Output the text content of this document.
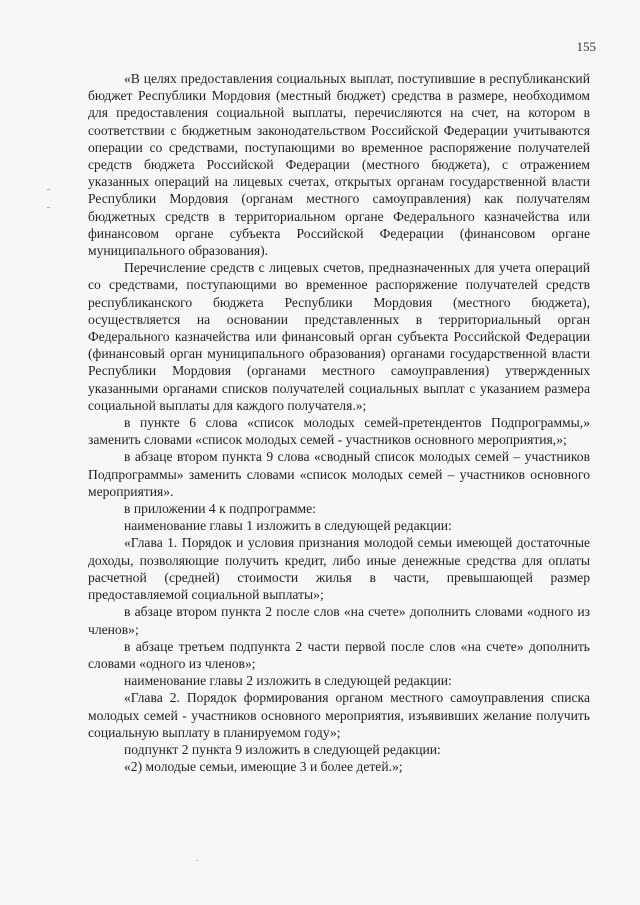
155

«В целях предоставления социальных выплат, поступившие в республиканский бюджет Республики Мордовия (местный бюджет) средства в размере, необходимом для предоставления социальной выплаты, перечисляются на счет, на котором в соответствии с бюджетным законодательством Российской Федерации учитываются операции со средствами, поступающими во временное распоряжение получателей средств бюджета Российской Федерации (местного бюджета), с отражением указанных операций на лицевых счетах, открытых органам государственной власти Республики Мордовия (органам местного самоуправления) как получателям бюджетных средств в территориальном органе Федерального казначейства или финансовом органе субъекта Российской Федерации (финансовом органе муниципального образования).

Перечисление средств с лицевых счетов, предназначенных для учета операций со средствами, поступающими во временное распоряжение получателей средств республиканского бюджета Республики Мордовия (местного бюджета), осуществляется на основании представленных в территориальный орган Федерального казначейства или финансовый орган субъекта Российской Федерации (финансовый орган муниципального образования) органами государственной власти Республики Мордовия (органами местного самоуправления) утвержденных указанными органами списков получателей социальных выплат с указанием размера социальной выплаты для каждого получателя.»;

в пункте 6 слова «список молодых семей-претендентов Подпрограммы,» заменить словами «список молодых семей - участников основного мероприятия,»;

в абзаце втором пункта 9 слова «сводный список молодых семей – участников Подпрограммы» заменить словами «список молодых семей – участников основного мероприятия».

в приложении 4 к подпрограмме:

наименование главы 1 изложить в следующей редакции:

«Глава 1. Порядок и условия признания молодой семьи имеющей достаточные доходы, позволяющие получить кредит, либо иные денежные средства для оплаты расчетной (средней) стоимости жилья в части, превышающей размер предоставляемой социальной выплаты»;

в абзаце втором пункта 2 после слов «на счете» дополнить словами «одного из членов»;

в абзаце третьем подпункта 2 части первой после слов «на счете» дополнить словами «одного из членов»;

наименование главы 2 изложить в следующей редакции:

«Глава 2. Порядок формирования органом местного самоуправления списка молодых семей - участников основного мероприятия, изъявивших желание получить социальную выплату в планируемом году»;

подпункт 2 пункта 9 изложить в следующей редакции:

«2) молодые семьи, имеющие 3 и более детей.»;
